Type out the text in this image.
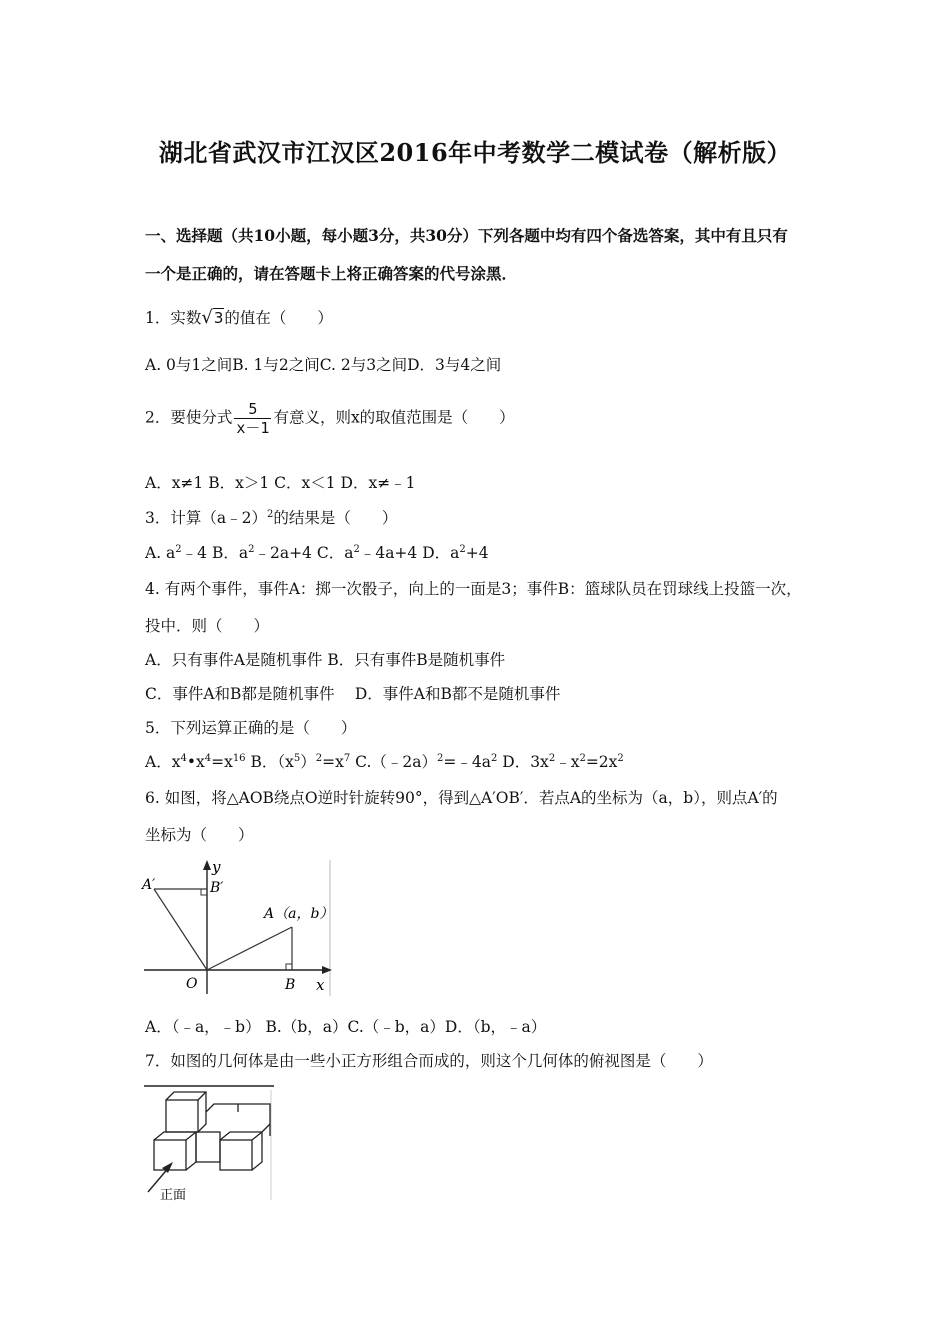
湖北省武汉市江汉区2016年中考数学二模试卷（解析版）
一、选择题（共10小题，每小题3分，共30分）下列各题中均有四个备选答案，其中有且只有
一个是正确的，请在答题卡上将正确答案的代号涂黑．
1．实数√3的值在（　　）
A. 0与1之间B. 1与2之间C. 2与3之间D．3与4之间
2．要使分式 $\frac{5}{x-1}$ 有意义，则x的取值范围是（　　）
A．x≠1 B．x＞1 C．x＜1 D．x≠﹣1
3．计算（a﹣2）$^2$的结果是（　　）
A. $a^2﹣4$ B．$a^2﹣2a+4$ C．$a^2﹣4a+4$ D．$a^2+4$
4. 有两个事件，事件A：掷一次骰子，向上的一面是3；事件B：篮球队员在罚球线上投篮一次，
投中．则（　　）
A．只有事件A是随机事件 B．只有事件B是随机事件
C．事件A和B都是随机事件　 D．事件A和B都不是随机事件
5．下列运算正确的是（　　）
A．$x^4•x^4=x^{16}$ B．$(x^5)^2=x^7$ $C.(﹣2a)^2=﹣4a^2$ D．$3x^2﹣x^2=2x^2$
6. 如图，将△AOB绕点O逆时针旋转90°，得到△A′OB′．若点A的坐标为（a，b），则点A′的
坐标为（　　）
y
x
O
A′	B′
A（a，b）
B
A．（﹣a，﹣b） B.（b，a）C.（﹣b，a）D．（b，﹣a）
7．如图的几何体是由一些小正方形组合而成的，则这个几何体的俯视图是（　　）
正面
